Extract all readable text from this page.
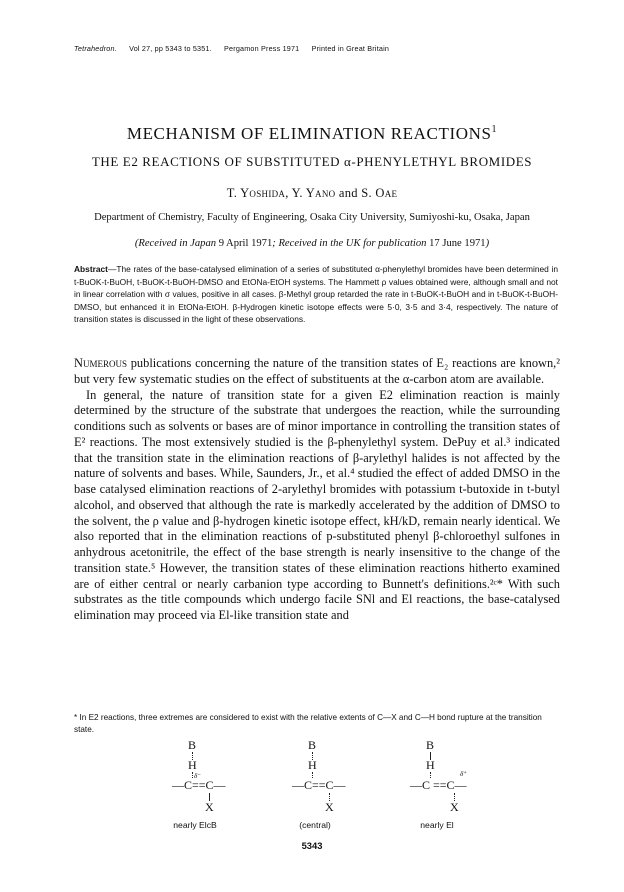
Tetrahedron. Vol 27, pp 5343 to 5351. Pergamon Press 1971 Printed in Great Britain
MECHANISM OF ELIMINATION REACTIONS$^1$
THE E2 REACTIONS OF SUBSTITUTED α-PHENYLETHYL BROMIDES
T. Yoshida, Y. Yano and S. Oae
Department of Chemistry, Faculty of Engineering, Osaka City University, Sumiyoshi-ku, Osaka, Japan
(Received in Japan 9 April 1971; Received in the UK for publication 17 June 1971)
Abstract—The rates of the base-catalysed elimination of a series of substituted α-phenylethyl bromides have been determined in t-BuOK-t-BuOH, t-BuOK-t-BuOH-DMSO and EtONa-EtOH systems. The Hammett ρ values obtained were, although small and not in linear correlation with σ values, positive in all cases. β-Methyl group retarded the rate in t-BuOK-t-BuOH and in t-BuOK-t-BuOH-DMSO, but enhanced it in EtONa-EtOH. β-Hydrogen kinetic isotope effects were 5·0, 3·5 and 3·4, respectively. The nature of transition states is discussed in the light of these observations.

Numerous publications concerning the nature of the transition states of E₂ reactions are known,² but very few systematic studies on the effect of substituents at the α-carbon atom are available.

In general, the nature of transition state for a given E2 elimination reaction is mainly determined by the structure of the substrate that undergoes the reaction, while the surrounding conditions such as solvents or bases are of minor importance in controlling the transition states of E² reactions. The most extensively studied is the β-phenylethyl system. DePuy et al.³ indicated that the transition state in the elimination reactions of β-arylethyl halides is not affected by the nature of solvents and bases. While, Saunders, Jr., et al.⁴ studied the effect of added DMSO in the base catalysed elimination reactions of 2-arylethyl bromides with potassium t-butoxide in t-butyl alcohol, and observed that although the rate is markedly accelerated by the addition of DMSO to the solvent, the ρ value and β-hydrogen kinetic isotope effect, kH/kD, remain nearly identical. We also reported that in the elimination reactions of p-substituted phenyl β-chloroethyl sulfones in anhydrous acetonitrile, the effect of the base strength is nearly insensitive to the change of the transition state.⁵ However, the transition states of these elimination reactions hitherto examined are of either central or nearly carbanion type according to Bunnett's definitions.²ᶜ* With such substrates as the title compounds which undergo facile SNl and El reactions, the base-catalysed elimination may proceed via El-like transition state and

* In E2 reactions, three extremes are considered to exist with the relative extents of C—X and C—H bond rupture at the transition state.
B
H
δ⁻
—C==C—
X
nearly ElcB
B
H
—C==C—
X
(central)
B
H
δ⁺
—C ==C—
X
nearly El
5343
